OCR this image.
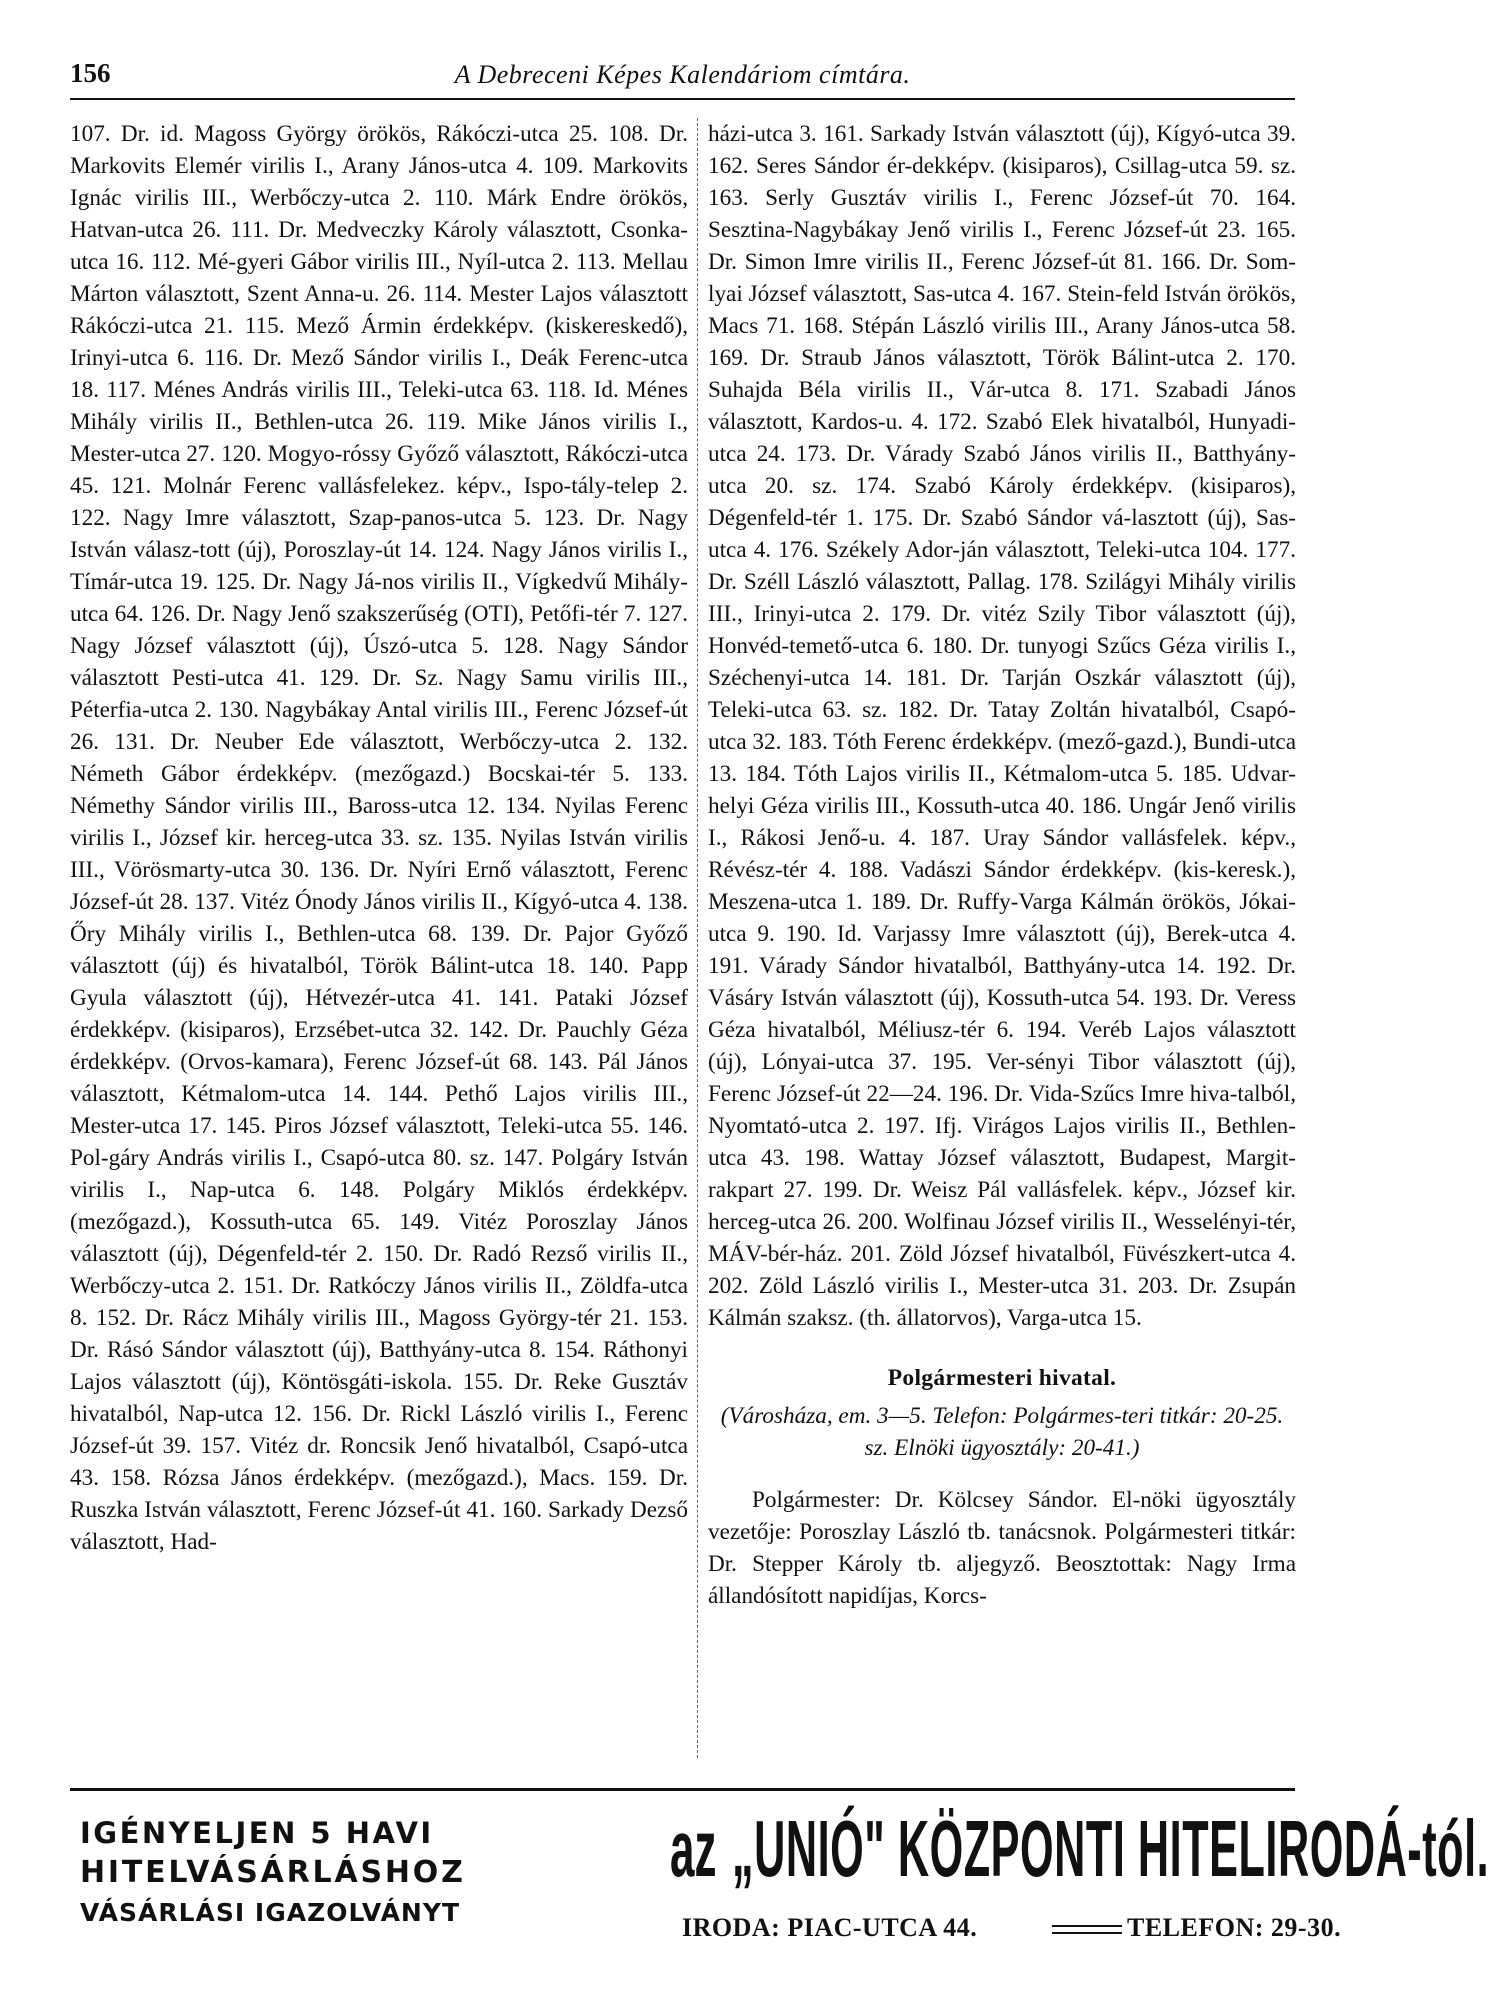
156	A Debreceni Képes Kalendáriom címtára.

107. Dr. id. Magoss György örökös, Rákóczi-utca 25. 108. Dr. Markovits Elemér virilis I., Arany János-utca 4. 109. Markovits Ignác virilis III., Werbőczy-utca 2. 110. Márk Endre örökös, Hatvan-utca 26. 111. Dr. Medveczky Károly választott, Csonka-utca 16. 112. Mé-gyeri Gábor virilis III., Nyíl-utca 2. 113. Mellau Márton választott, Szent Anna-u. 26. 114. Mester Lajos választott Rákóczi-utca 21. 115. Mező Ármin érdekképv. (kiskereskedő), Irinyi-utca 6. 116. Dr. Mező Sándor virilis I., Deák Ferenc-utca 18. 117. Ménes András virilis III., Teleki-utca 63. 118. Id. Ménes Mihály virilis II., Bethlen-utca 26. 119. Mike János virilis I., Mester-utca 27. 120. Mogyo-róssy Győző választott, Rákóczi-utca 45. 121. Molnár Ferenc vallásfelekez. képv., Ispo-tály-telep 2. 122. Nagy Imre választott, Szap-panos-utca 5. 123. Dr. Nagy István válasz-tott (új), Poroszlay-út 14. 124. Nagy János virilis I., Tímár-utca 19. 125. Dr. Nagy Já-nos virilis II., Vígkedvű Mihály-utca 64. 126. Dr. Nagy Jenő szakszerűség (OTI), Petőfi-tér 7. 127. Nagy József választott (új), Úszó-utca 5. 128. Nagy Sándor választott Pesti-utca 41. 129. Dr. Sz. Nagy Samu virilis III., Péterfia-utca 2. 130. Nagybákay Antal virilis III., Ferenc József-út 26. 131. Dr. Neuber Ede választott, Werbőczy-utca 2. 132. Németh Gábor érdekképv. (mezőgazd.) Bocskai-tér 5. 133. Némethy Sándor virilis III., Baross-utca 12. 134. Nyilas Ferenc virilis I., József kir. herceg-utca 33. sz. 135. Nyilas István virilis III., Vörösmarty-utca 30. 136. Dr. Nyíri Ernő választott, Ferenc József-út 28. 137. Vitéz Ónody János virilis II., Kígyó-utca 4. 138. Őry Mihály virilis I., Bethlen-utca 68. 139. Dr. Pajor Győző választott (új) és hivatalból, Török Bálint-utca 18. 140. Papp Gyula választott (új), Hétvezér-utca 41. 141. Pataki József érdekképv. (kisiparos), Erzsébet-utca 32. 142. Dr. Pauchly Géza érdekképv. (Orvos-kamara), Ferenc József-út 68. 143. Pál János választott, Kétmalom-utca 14. 144. Pethő Lajos virilis III., Mester-utca 17. 145. Piros József választott, Teleki-utca 55. 146. Pol-gáry András virilis I., Csapó-utca 80. sz. 147. Polgáry István virilis I., Nap-utca 6. 148. Polgáry Miklós érdekképv. (mezőgazd.), Kossuth-utca 65. 149. Vitéz Poroszlay János választott (új), Dégenfeld-tér 2. 150. Dr. Radó Rezső virilis II., Werbőczy-utca 2. 151. Dr. Ratkóczy János virilis II., Zöldfa-utca 8. 152. Dr. Rácz Mihály virilis III., Magoss György-tér 21. 153. Dr. Rásó Sándor választott (új), Batthyány-utca 8. 154. Ráthonyi Lajos választott (új), Köntösgáti-iskola. 155. Dr. Reke Gusztáv hivatalból, Nap-utca 12. 156. Dr. Rickl László virilis I., Ferenc József-út 39. 157. Vitéz dr. Roncsik Jenő hivatalból, Csapó-utca 43. 158. Rózsa János érdekképv. (mezőgazd.), Macs. 159. Dr. Ruszka István választott, Ferenc József-út 41. 160. Sarkady Dezső választott, Had-

házi-utca 3. 161. Sarkady István választott (új), Kígyó-utca 39. 162. Seres Sándor ér-dekképv. (kisiparos), Csillag-utca 59. sz. 163. Serly Gusztáv virilis I., Ferenc József-út 70. 164. Sesztina-Nagybákay Jenő virilis I., Ferenc József-út 23. 165. Dr. Simon Imre virilis II., Ferenc József-út 81. 166. Dr. Som-lyai József választott, Sas-utca 4. 167. Stein-feld István örökös, Macs 71. 168. Stépán László virilis III., Arany János-utca 58. 169. Dr. Straub János választott, Török Bálint-utca 2. 170. Suhajda Béla virilis II., Vár-utca 8. 171. Szabadi János választott, Kardos-u. 4. 172. Szabó Elek hivatalból, Hunyadi-utca 24. 173. Dr. Várady Szabó János virilis II., Batthyány-utca 20. sz. 174. Szabó Károly érdekképv. (kisiparos), Dégenfeld-tér 1. 175. Dr. Szabó Sándor vá-lasztott (új), Sas-utca 4. 176. Székely Ador-ján választott, Teleki-utca 104. 177. Dr. Széll László választott, Pallag. 178. Szilágyi Mihály virilis III., Irinyi-utca 2. 179. Dr. vitéz Szily Tibor választott (új), Honvéd-temető-utca 6. 180. Dr. tunyogi Szűcs Géza virilis I., Széchenyi-utca 14. 181. Dr. Tarján Oszkár választott (új), Teleki-utca 63. sz. 182. Dr. Tatay Zoltán hivatalból, Csapó-utca 32. 183. Tóth Ferenc érdekképv. (mező-gazd.), Bundi-utca 13. 184. Tóth Lajos virilis II., Kétmalom-utca 5. 185. Udvar-helyi Géza virilis III., Kossuth-utca 40. 186. Ungár Jenő virilis I., Rákosi Jenő-u. 4. 187. Uray Sándor vallásfelek. képv., Révész-tér 4. 188. Vadászi Sándor érdekképv. (kis-keresk.), Meszena-utca 1. 189. Dr. Ruffy-Varga Kálmán örökös, Jókai-utca 9. 190. Id. Varjassy Imre választott (új), Berek-utca 4. 191. Várady Sándor hivatalból, Batthyány-utca 14. 192. Dr. Vásáry István választott (új), Kossuth-utca 54. 193. Dr. Veress Géza hivatalból, Méliusz-tér 6. 194. Veréb Lajos választott (új), Lónyai-utca 37. 195. Ver-sényi Tibor választott (új), Ferenc József-út 22—24. 196. Dr. Vida-Szűcs Imre hiva-talból, Nyomtató-utca 2. 197. Ifj. Virágos Lajos virilis II., Bethlen-utca 43. 198. Wattay József választott, Budapest, Margit-rakpart 27. 199. Dr. Weisz Pál vallásfelek. képv., József kir. herceg-utca 26. 200. Wolfinau József virilis II., Wesselényi-tér, MÁV-bér-ház. 201. Zöld József hivatalból, Füvészkert-utca 4. 202. Zöld László virilis I., Mester-utca 31. 203. Dr. Zsupán Kálmán szaksz. (th. állatorvos), Varga-utca 15.

Polgármesteri hivatal.

(Városháza, em. 3—5. Telefon: Polgármes-teri titkár: 20-25. sz. Elnöki ügyosztály: 20-41.)

Polgármester: Dr. Kölcsey Sándor. El-nöki ügyosztály vezetője: Poroszlay László tb. tanácsnok. Polgármesteri titkár: Dr. Stepper Károly tb. aljegyző. Beosztottak: Nagy Irma állandósított napidíjas, Korcs-

IGÉNYELJEN 5 HAVI
HITELVÁSÁRLÁSHOZ
VÁSÁRLÁSI IGAZOLVÁNYT
az „UNIÓ" KÖZPONTI HITELIRODÁ-tól.
IRODA: PIAC-UTCA 44.	TELEFON: 29-30.
